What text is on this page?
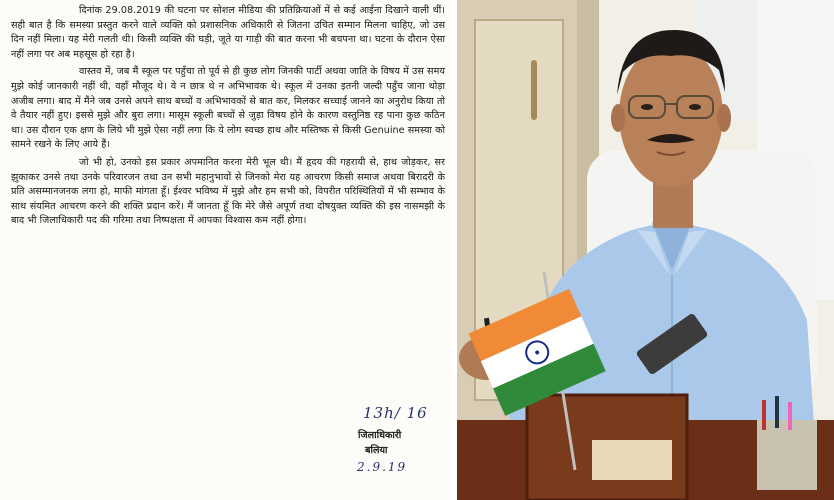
दिनांक 29.08.2019 की घटना पर सोशल मीडिया की प्रतिक्रियाओं में से कई आईना दिखाने वाली थीं। सही बात है कि समस्या प्रस्तुत करने वाले व्यक्ति को प्रशासनिक अधिकारी से जितना उचित सम्मान मिलना चाहिए, जो उस दिन नहीं मिला। यह मेरी गलती थी। किसी व्यक्ति की घड़ी, जूते या गाड़ी की बात करना भी बचपना था। घटना के दौरान ऐसा नहीं लगा पर अब महसूस हो रहा है।

वास्तव में, जब मैं स्कूल पर पहुँचा तो पूर्व से ही कुछ लोग जिनकी पार्टी अथवा जाति के विषय में उस समय मुझे कोई जानकारी नहीं थी, वहाँ मौजूद थे। वे न छात्र थे न अभिभावक थे। स्कूल में उनका इतनी जल्दी पहुँच जाना थोड़ा अजीब लगा। बाद में मैंने जब उनसे अपने साथ बच्चों व अभिभावकों से बात कर, मिलकर सच्चाई जानने का अनुरोध किया तो वे तैयार नहीं हुए। इससे मुझे और बुरा लगा। मासूम स्कूली बच्चों से जुड़ा विषय होने के कारण वस्तुनिष्ठ रह पाना कुछ कठिन था। उस दौरान एक क्षण के लिये भी मुझे ऐसा नहीं लगा कि ये लोग स्वच्छ हाथ और मस्तिष्क से किसी Genuine समस्या को सामने रखने के लिए आये हैं।

जो भी हो, उनको इस प्रकार अपमानित करना मेरी भूल थी। मैं हृदय की गहरायी से, हाथ जोड़कर, सर झुकाकर उनसे तथा उनके परिवारजन तथा उन सभी महानुभावों से जिनको मेरा यह आचरण किसी समाज अथवा बिरादरी के प्रति असम्मानजनक लगा हो, माफी मांगता हूँ। ईश्वर भविष्य में मुझे और हम सभी को, विपरीत परिस्थितियों में भी सम्भाव के साथ संयमित आचरण करने की शक्ति प्रदान करें। मैं जानता हूँ कि मेरे जैसे अपूर्ण तथा दोषयुक्त व्यक्ति की इस नासमझी के बाद भी जिलाधिकारी पद की गरिमा तथा निष्पक्षता में आपका विश्वास कम नहीं होगा।

13h/ 16
जिलाधिकारी
बलिया
2.9.19
